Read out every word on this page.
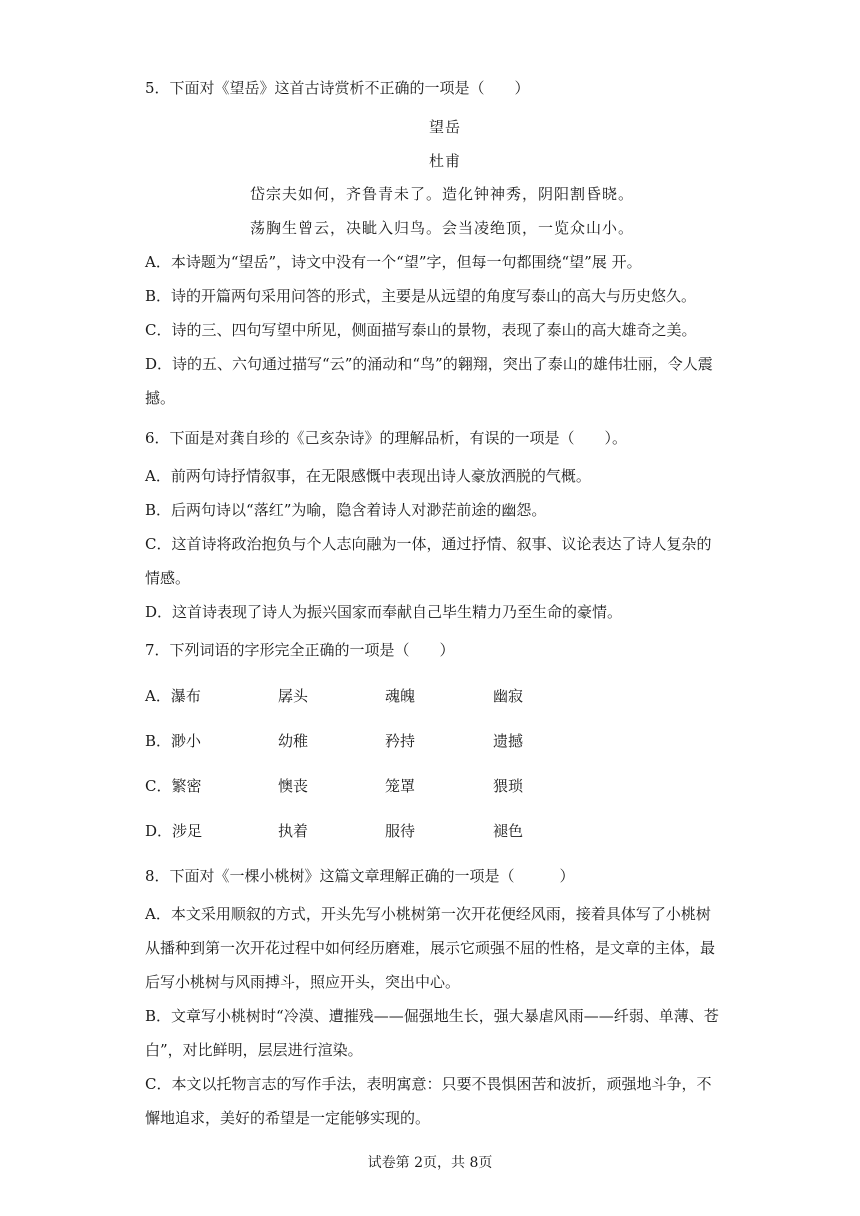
5．下面对《望岳》这首古诗赏析不正确的一项是（　　）
望岳
杜甫
岱宗夫如何，齐鲁青未了。造化钟神秀，阴阳割昏晓。
荡胸生曾云，决眦入归鸟。会当凌绝顶，一览众山小。
A．本诗题为“望岳”，诗文中没有一个“望”字，但每一句都围绕“望”展 开。
B．诗的开篇两句采用问答的形式，主要是从远望的角度写泰山的高大与历史悠久。
C．诗的三、四句写望中所见，侧面描写泰山的景物，表现了泰山的高大雄奇之美。
D．诗的五、六句通过描写“云”的涌动和“鸟”的翱翔，突出了泰山的雄伟壮丽，令人震
撼。
6．下面是对龚自珍的《己亥杂诗》的理解品析，有误的一项是（　　）。
A．前两句诗抒情叙事，在无限感慨中表现出诗人豪放洒脱的气概。
B．后两句诗以“落红”为喻，隐含着诗人对渺茫前途的幽怨。
C．这首诗将政治抱负与个人志向融为一体，通过抒情、叙事、议论表达了诗人复杂的
情感。
D．这首诗表现了诗人为振兴国家而奉献自己毕生精力乃至生命的豪情。
7．下列词语的字形完全正确的一项是（　　）
A．瀑布	孱头	魂魄	幽寂
B．渺小	幼稚	矜持	遗撼
C．繁密	懊丧	笼罩	猥琐
D．涉足	执着	服待	褪色
8．下面对《一棵小桃树》这篇文章理解正确的一项是（　　　）
A．本文采用顺叙的方式，开头先写小桃树第一次开花便经风雨，接着具体写了小桃树
从播种到第一次开花过程中如何经历磨难，展示它顽强不屈的性格，是文章的主体，最
后写小桃树与风雨搏斗，照应开头，突出中心。
B．文章写小桃树时“冷漠、遭摧残——倔强地生长，强大暴虐风雨——纤弱、单薄、苍
白”，对比鲜明，层层进行渲染。
C．本文以托物言志的写作手法，表明寓意：只要不畏惧困苦和波折，顽强地斗争，不
懈地追求，美好的希望是一定能够实现的。
试卷第 2页，共 8页
